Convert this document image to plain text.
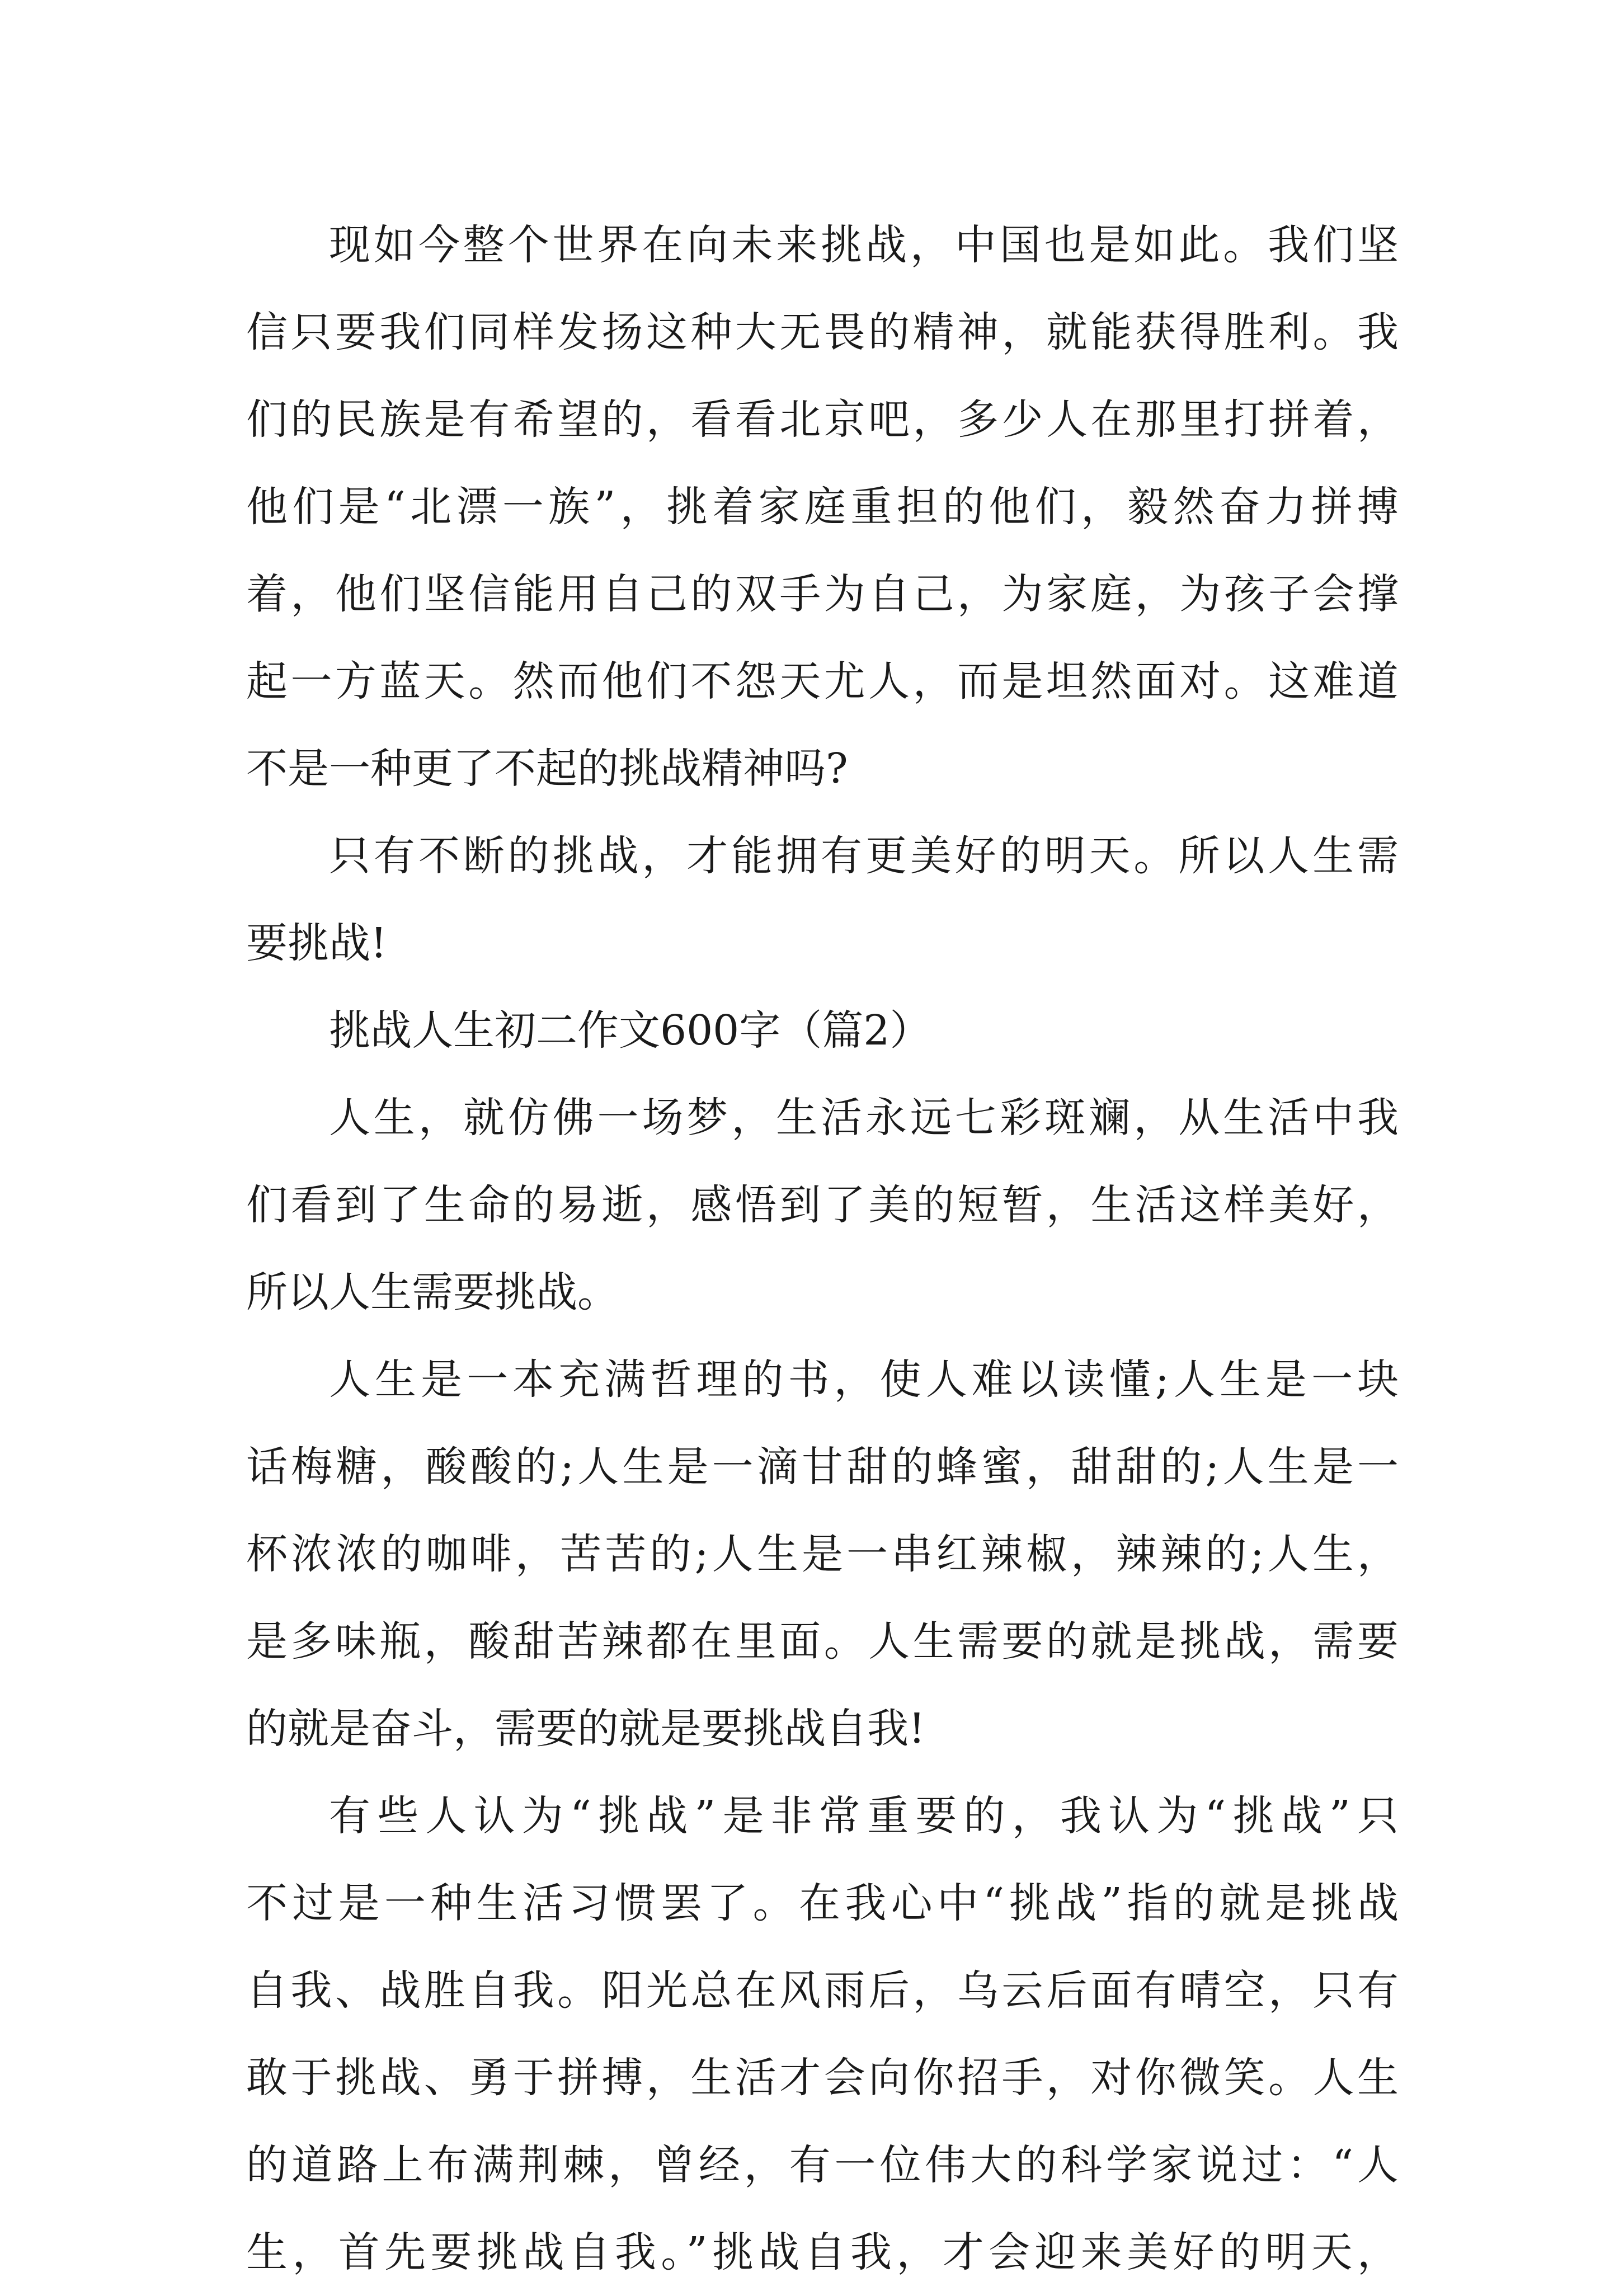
现如今整个世界在向未来挑战，中国也是如此。我们坚
信只要我们同样发扬这种大无畏的精神，就能获得胜利。我
们的民族是有希望的，看看北京吧，多少人在那里打拼着，
他们是“北漂一族”，挑着家庭重担的他们，毅然奋力拼搏
着，他们坚信能用自己的双手为自己，为家庭，为孩子会撑
起一方蓝天。然而他们不怨天尤人，而是坦然面对。这难道
不是一种更了不起的挑战精神吗?
只有不断的挑战，才能拥有更美好的明天。所以人生需
要挑战!
挑战人生初二作文600字（篇2）
人生，就仿佛一场梦，生活永远七彩斑斓，从生活中我
们看到了生命的易逝，感悟到了美的短暂，生活这样美好，
所以人生需要挑战。
人生是一本充满哲理的书，使人难以读懂;人生是一块
话梅糖，酸酸的;人生是一滴甘甜的蜂蜜，甜甜的;人生是一
杯浓浓的咖啡，苦苦的;人生是一串红辣椒，辣辣的;人生，
是多味瓶，酸甜苦辣都在里面。人生需要的就是挑战，需要
的就是奋斗，需要的就是要挑战自我!
有些人认为“挑战”是非常重要的，我认为“挑战”只
不过是一种生活习惯罢了。在我心中“挑战”指的就是挑战
自我、战胜自我。阳光总在风雨后，乌云后面有晴空，只有
敢于挑战、勇于拼搏，生活才会向你招手，对你微笑。人生
的道路上布满荆棘，曾经，有一位伟大的科学家说过：“人
生，首先要挑战自我。”挑战自我，才会迎来美好的明天，
